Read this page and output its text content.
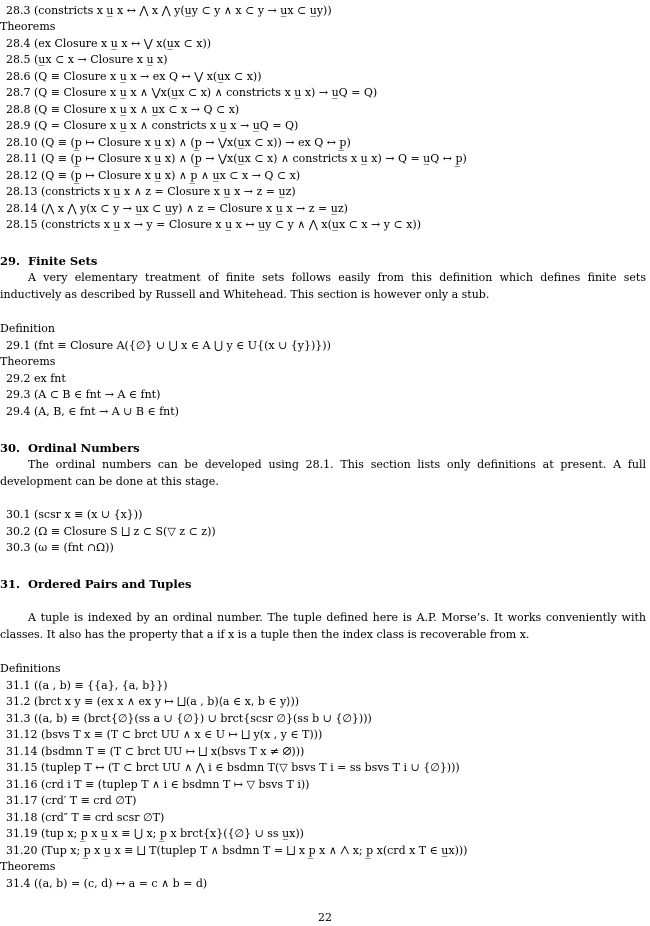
28.3 (constricts x u̲ x ↔ ⋀ x ⋀ y(u̲y ⊂ y ∧ x ⊂ y → u̲x ⊂ u̲y))
Theorems
28.4 (ex Closure x u̲ x ↔ ⋁ x(u̲x ⊂ x))
28.5 (u̲x ⊂ x → Closure x u̲ x)
28.6 (Q ≡ Closure x u̲ x → ex Q ↔ ⋁ x(u̲x ⊂ x))
28.7 (Q ≡ Closure x u̲ x ∧ ⋁x(u̲x ⊂ x) ∧ constricts x u̲ x) → u̲Q = Q)
28.8 (Q ≡ Closure x u̲ x ∧ u̲x ⊂ x → Q ⊂ x)
28.9 (Q = Closure x u̲ x ∧ constricts x u̲ x → u̲Q = Q)
28.10 (Q ≡ (p̲ ↦ Closure x u̲ x) ∧ (p̲ → ⋁x(u̲x ⊂ x)) → ex Q ↔ p̲)
28.11 (Q ≡ (p̲ ↦ Closure x u̲ x) ∧ (p̲ → ⋁x(u̲x ⊂ x) ∧ constricts x u̲ x) → Q = u̲Q ↔ p̲)
28.12 (Q ≡ (p̲ ↦ Closure x u̲ x) ∧ p̲ ∧ u̲x ⊂ x → Q ⊂ x)
28.13 (constricts x u̲ x ∧ z = Closure x u̲ x → z = u̲z)
28.14 (⋀ x ⋀ y(x ⊂ y → u̲x ⊂ u̲y) ∧ z = Closure x u̲ x → z = u̲z)
28.15 (constricts x u̲ x → y = Closure x u̲ x ↔ u̲y ⊂ y ∧ ⋀ x(u̲x ⊂ x → y ⊂ x))
29.  Finite Sets
A very elementary treatment of finite sets follows easily from this definition which defines finite sets inductively as described by Russell and Whitehead. This section is however only a stub.
Definition
29.1 (fnt ≡ Closure A({∅} ∪ ⋃ x ∈ A ⋃ y ∈ U{(x ∪ {y})}))
Theorems
29.2 ex fnt
29.3 (A ⊂ B ∈ fnt → A ∈ fnt)
29.4 (A, B, ∈ fnt → A ∪ B ∈ fnt)
30.  Ordinal Numbers
The ordinal numbers can be developed using 28.1. This section lists only definitions at present. A full development can be done at this stage.
30.1 (scsr x ≡ (x ∪ {x}))
30.2 (Ω ≡ Closure S ⨆ z ⊂ S(▽ z ⊂ z))
30.3 (ω ≡ (fnt ∩Ω))
31.  Ordered Pairs and Tuples
A tuple is indexed by an ordinal number. The tuple defined here is A.P. Morse’s. It works conveniently with classes. It also has the property that a if x is a tuple then the index class is recoverable from x.
Definitions
31.1 ((a , b) ≡ {{a}, {a, b}})
31.2 (brct x y ≡ (ex x ∧ ex y ↦ ⨆(a , b)⟨a ∈ x, b ∈ y⟩))
31.3 ((a, b) ≡ (brct{∅}(ss a ∪ {∅}) ∪ brct{scsr ∅}(ss b ∪ {∅})))
31.12 (bsvs T x ≡ (T ⊂ brct UU ∧ x ∈ U ↦ ⨆ y(x , y ∈ T)))
31.14 (bsdmn T ≡ (T ⊂ brct UU ↦ ⨆ x(bsvs T x ≠ ∅)))
31.15 (tuplep T ↔ (T ⊂ brct UU ∧ ⋀ i ∈ bsdmn T(▽ bsvs T i = ss bsvs T i ∪ {∅})))
31.16 (crd i T ≡ (tuplep T ∧ i ∈ bsdmn T ↦ ▽ bsvs T i))
31.17 (crd′ T ≡ crd ∅T)
31.18 (crd″ T ≡ crd scsr ∅T)
31.19 (tup x; p̲ x u̲ x ≡ ⋃ x; p̲ x brct{x}({∅} ∪ ss u̲x))
31.20 (Tup x; p̲ x u̲ x ≡ ⨆ T(tuplep T ∧ bsdmn T = ⨆ x p̲ x ∧ ⋀ x; p̲ x(crd x T ∈ u̲x)))
Theorems
31.4 ((a, b) = (c, d) ↔ a = c ∧ b = d)
22
